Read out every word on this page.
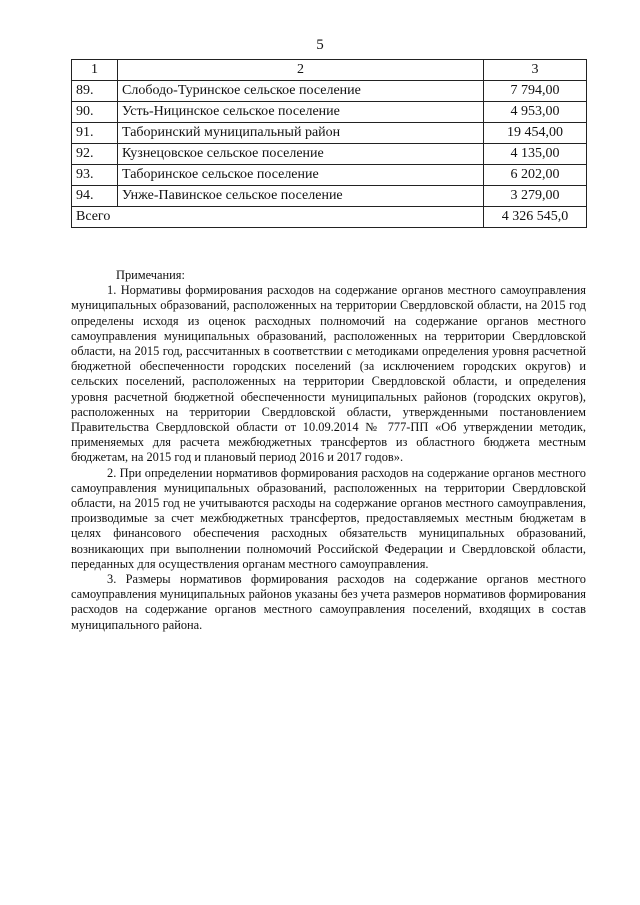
5
1	2	3
89.	Слободо-Туринское сельское поселение	7 794,00
90.	Усть-Ницинское сельское поселение	4 953,00
91.	Таборинский муниципальный район	19 454,00
92.	Кузнецовское сельское поселение	4 135,00
93.	Таборинское сельское поселение	6 202,00
94.	Унже-Павинское сельское поселение	3 279,00
Всего		4 326 545,0
Примечания:

1. Нормативы формирования расходов на содержание органов местного самоуправления муниципальных образований, расположенных на территории Свердловской области, на 2015 год определены исходя из оценок расходных полномочий на содержание органов местного самоуправления муниципальных образований, расположенных на территории Свердловской области, на 2015 год, рассчитанных в соответствии с методиками определения уровня расчетной бюджетной обеспеченности городских поселений (за исключением городских округов) и сельских поселений, расположенных на территории Свердловской области, и определения уровня расчетной бюджетной обеспеченности муниципальных районов (городских округов), расположенных на территории Свердловской области, утвержденными постановлением Правительства Свердловской области от 10.09.2014 № 777-ПП «Об утверждении методик, применяемых для расчета межбюджетных трансфертов из областного бюджета местным бюджетам, на 2015 год и плановый период 2016 и 2017 годов».

2. При определении нормативов формирования расходов на содержание органов местного самоуправления муниципальных образований, расположенных на территории Свердловской области, на 2015 год не учитываются расходы на содержание органов местного самоуправления, производимые за счет межбюджетных трансфертов, предоставляемых местным бюджетам в целях финансового обеспечения расходных обязательств муниципальных образований, возникающих при выполнении полномочий Российской Федерации и Свердловской области, переданных для осуществления органам местного самоуправления.

3. Размеры нормативов формирования расходов на содержание органов местного самоуправления муниципальных районов указаны без учета размеров нормативов формирования расходов на содержание органов местного самоуправления поселений, входящих в состав муниципального района.
